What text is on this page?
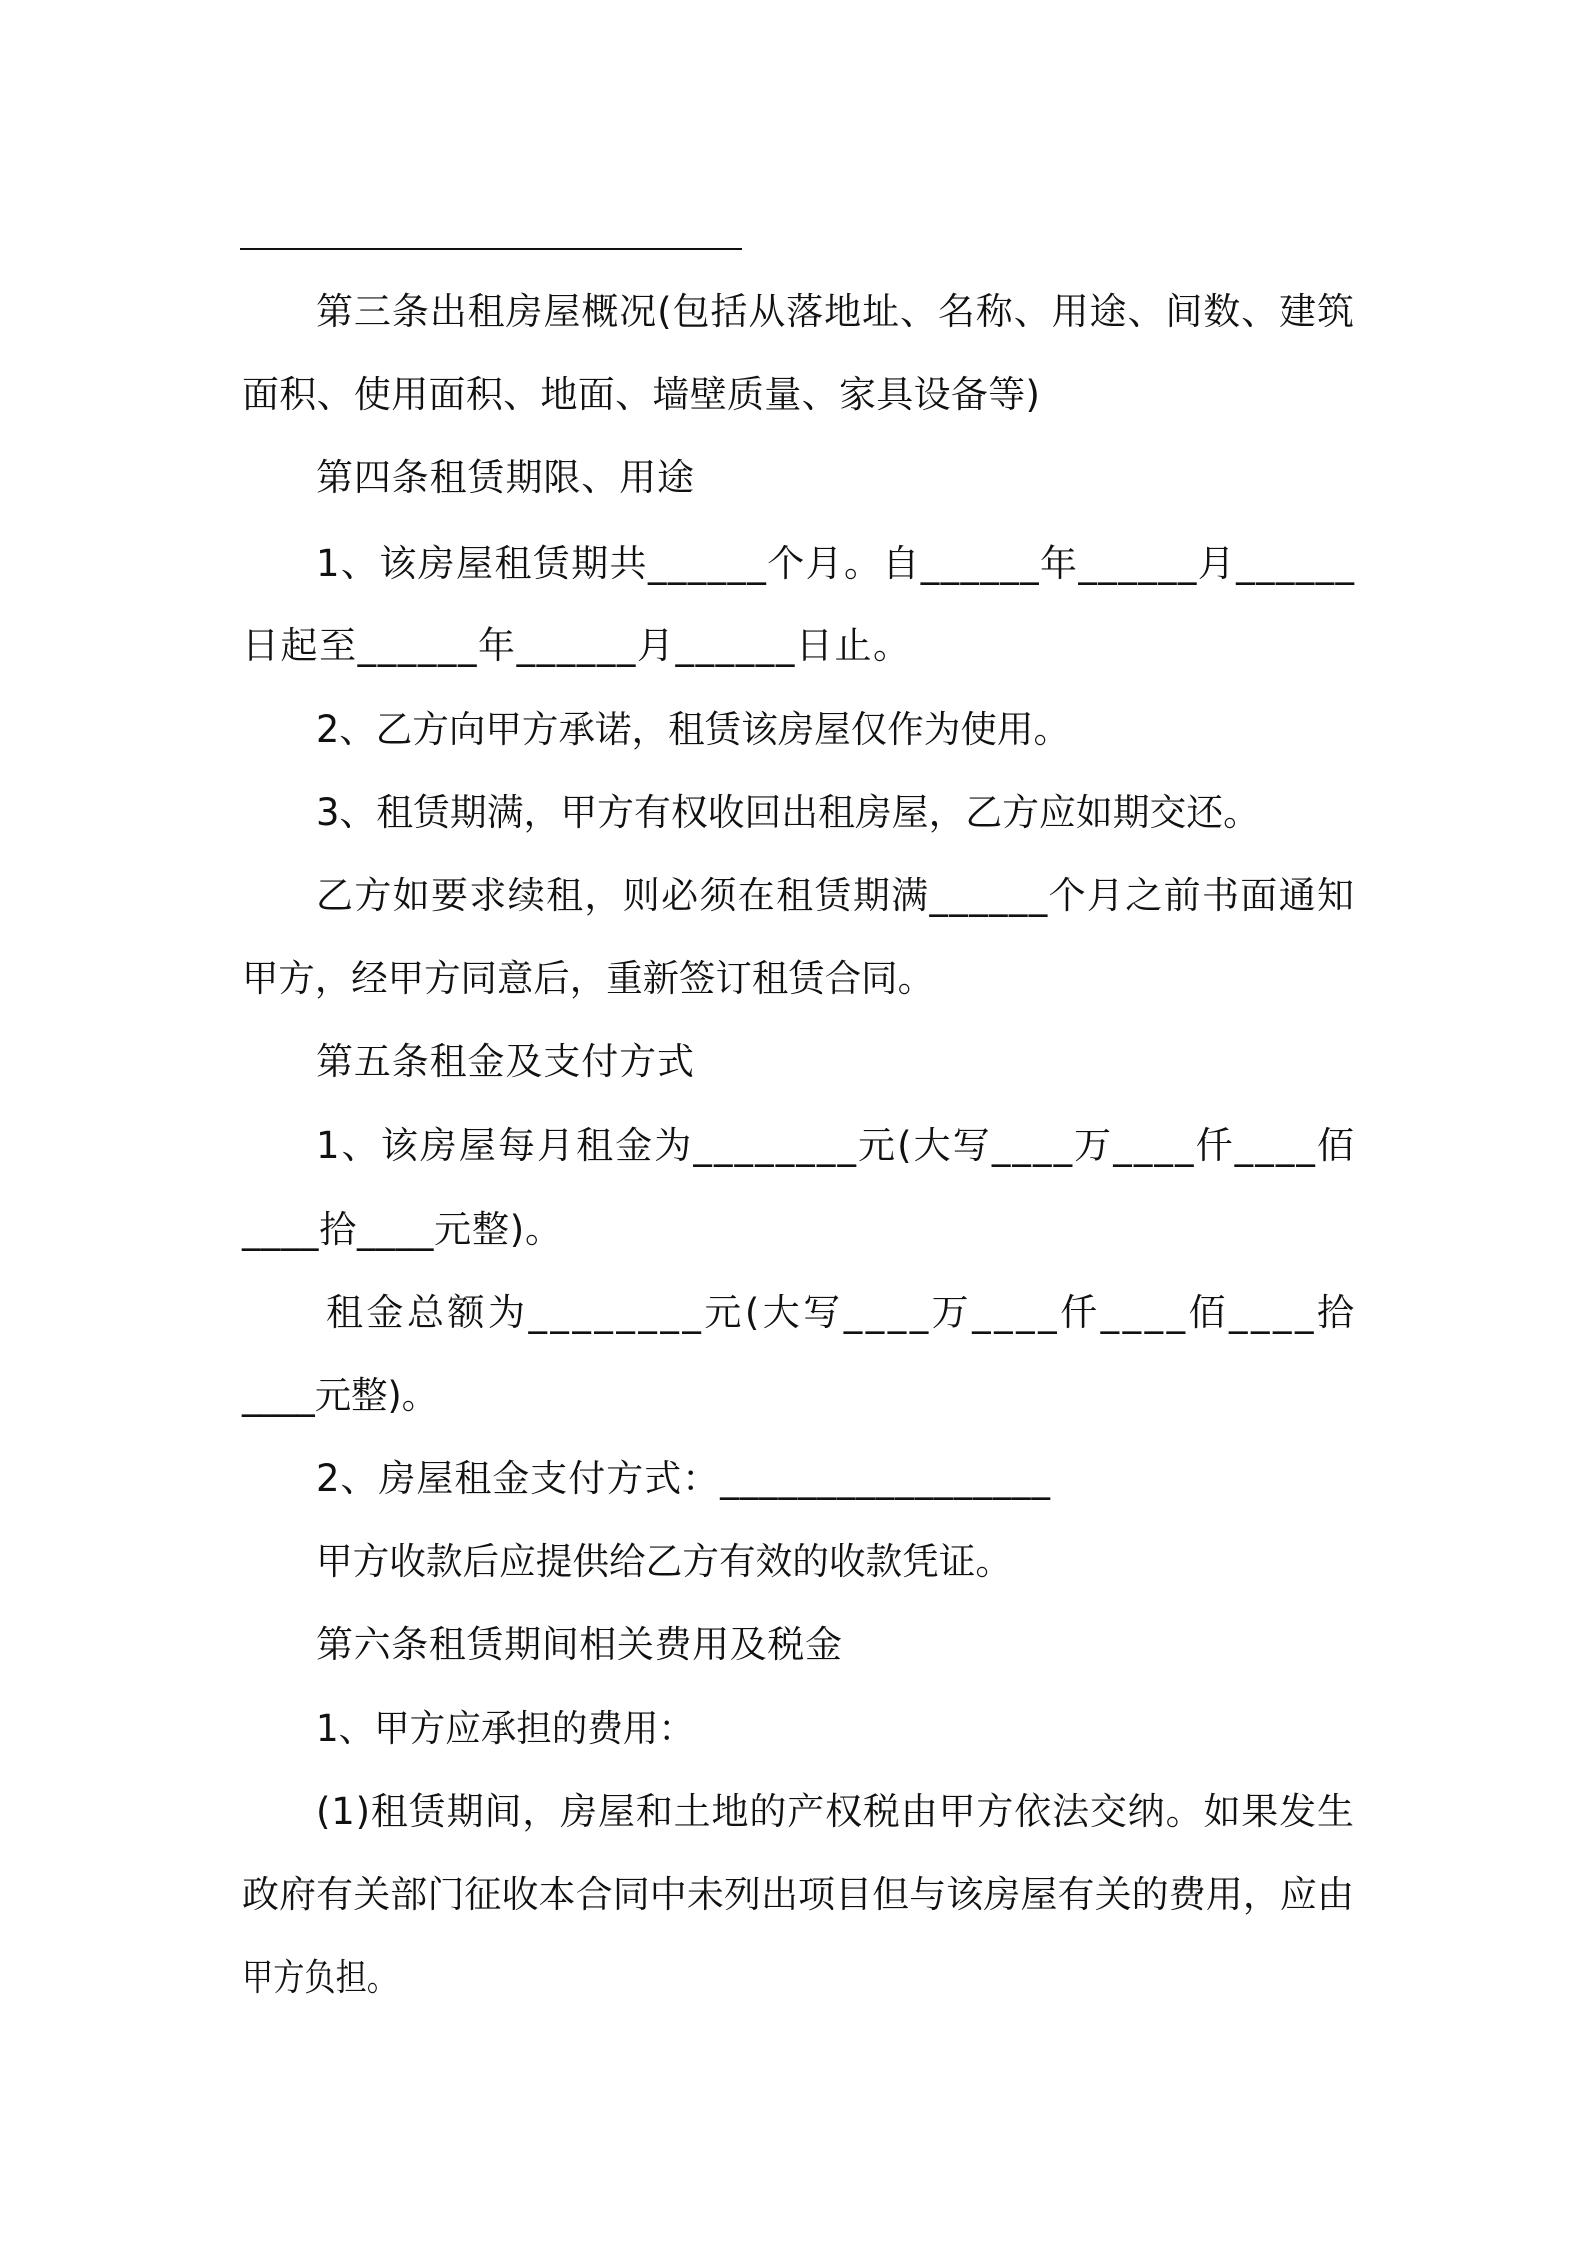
第三条出租房屋概况(包括从落地址、名称、用途、间数、建筑
面积、使用面积、地面、墙壁质量、家具设备等)
第四条租赁期限、用途
1、该房屋租赁期共______个月。自______年______月______
日起至______年______月______日止。
2、乙方向甲方承诺，租赁该房屋仅作为使用。
3、租赁期满，甲方有权收回出租房屋，乙方应如期交还。
乙方如要求续租，则必须在租赁期满______个月之前书面通知
甲方，经甲方同意后，重新签订租赁合同。
第五条租金及支付方式
1、该房屋每月租金为________元(大写____万____仟____佰
____拾____元整)。
租金总额为________元(大写____万____仟____佰____拾
____元整)。
2、房屋租金支付方式：_________________
甲方收款后应提供给乙方有效的收款凭证。
第六条租赁期间相关费用及税金
1、甲方应承担的费用：
(1)租赁期间，房屋和土地的产权税由甲方依法交纳。如果发生
政府有关部门征收本合同中未列出项目但与该房屋有关的费用，应由
甲方负担。
